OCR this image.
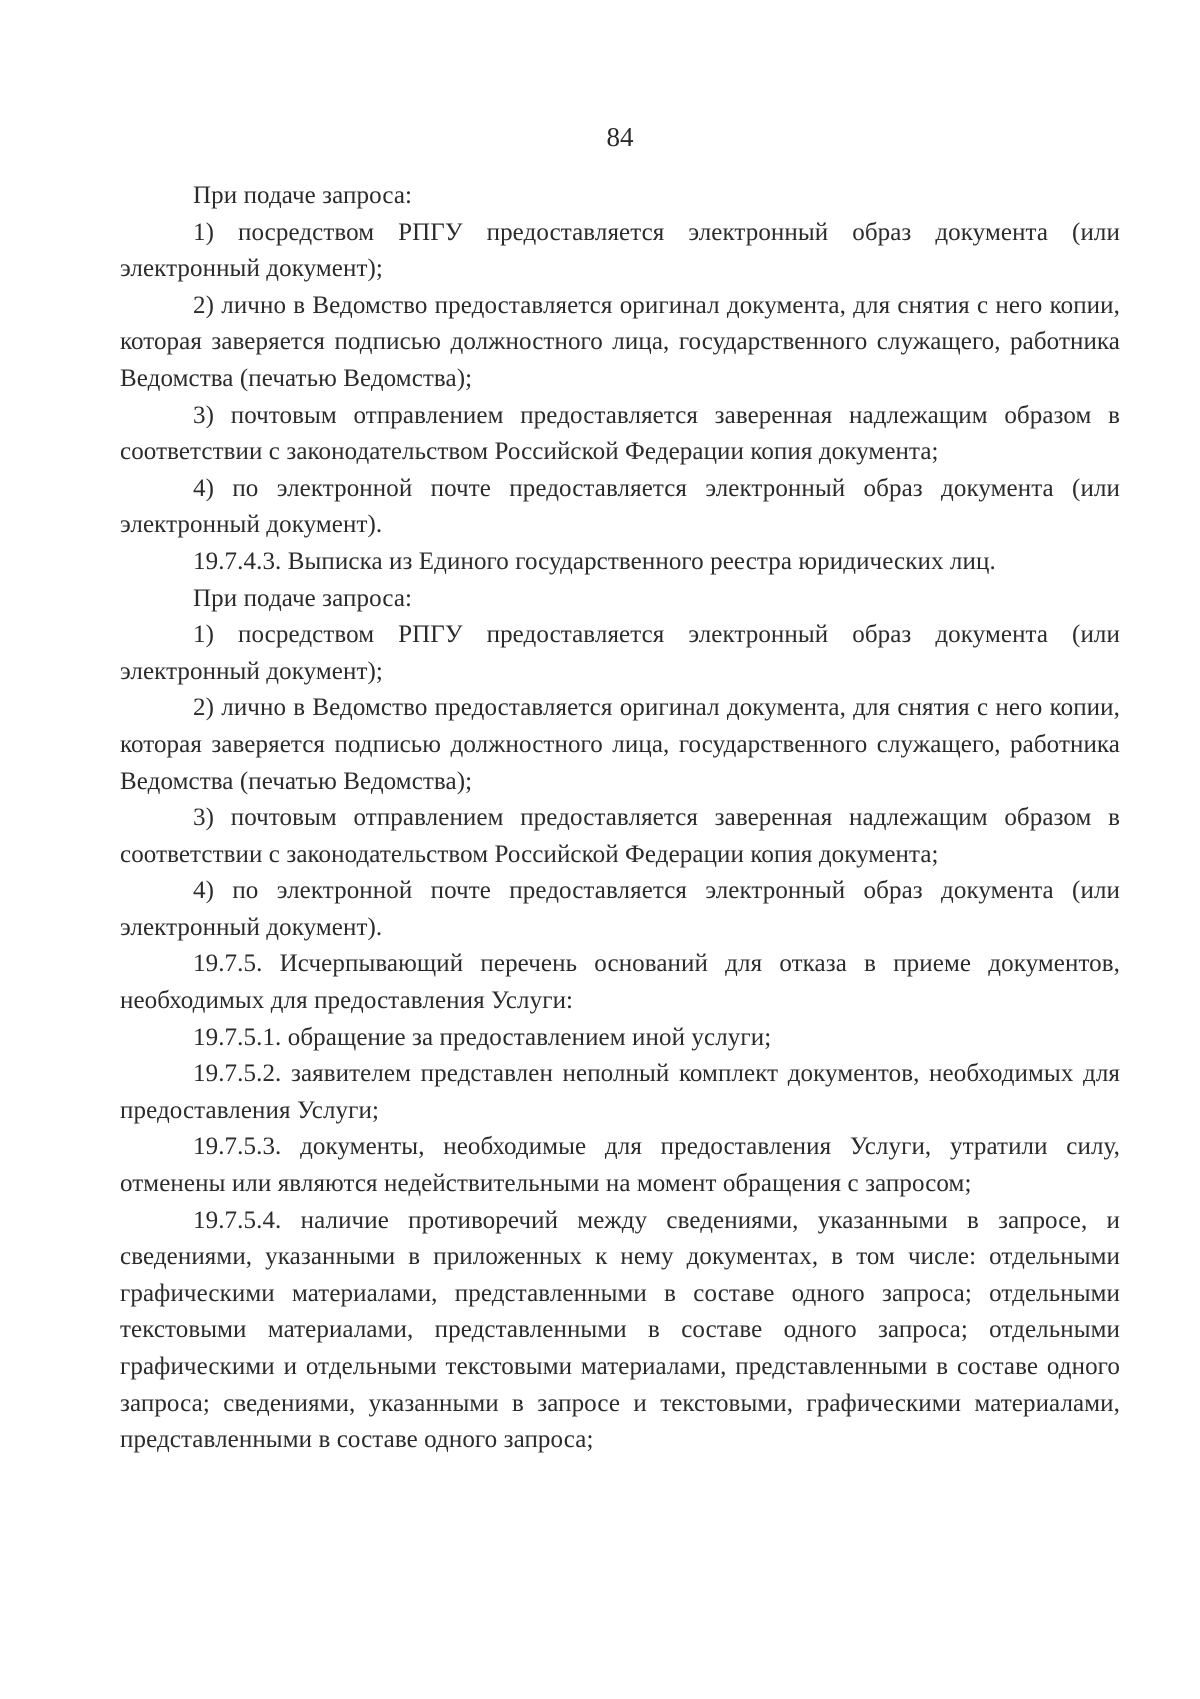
84

При подаче запроса:

1) посредством РПГУ предоставляется электронный образ документа (или электронный документ);

2) лично в Ведомство предоставляется оригинал документа, для снятия с него копии, которая заверяется подписью должностного лица, государственного служащего, работника Ведомства (печатью Ведомства);

3) почтовым отправлением предоставляется заверенная надлежащим образом в соответствии с законодательством Российской Федерации копия документа;

4) по электронной почте предоставляется электронный образ документа (или электронный документ).

19.7.4.3. Выписка из Единого государственного реестра юридических лиц.

При подаче запроса:

1) посредством РПГУ предоставляется электронный образ документа (или электронный документ);

2) лично в Ведомство предоставляется оригинал документа, для снятия с него копии, которая заверяется подписью должностного лица, государственного служащего, работника Ведомства (печатью Ведомства);

3) почтовым отправлением предоставляется заверенная надлежащим образом в соответствии с законодательством Российской Федерации копия документа;

4) по электронной почте предоставляется электронный образ документа (или электронный документ).

19.7.5. Исчерпывающий перечень оснований для отказа в приеме документов, необходимых для предоставления Услуги:

19.7.5.1. обращение за предоставлением иной услуги;

19.7.5.2. заявителем представлен неполный комплект документов, необходимых для предоставления Услуги;

19.7.5.3. документы, необходимые для предоставления Услуги, утратили силу, отменены или являются недействительными на момент обращения с запросом;

19.7.5.4. наличие противоречий между сведениями, указанными в запросе, и сведениями, указанными в приложенных к нему документах, в том числе: отдельными графическими материалами, представленными в составе одного запроса; отдельными текстовыми материалами, представленными в составе одного запроса; отдельными графическими и отдельными текстовыми материалами, представленными в составе одного запроса; сведениями, указанными в запросе и текстовыми, графическими материалами, представленными в составе одного запроса;
